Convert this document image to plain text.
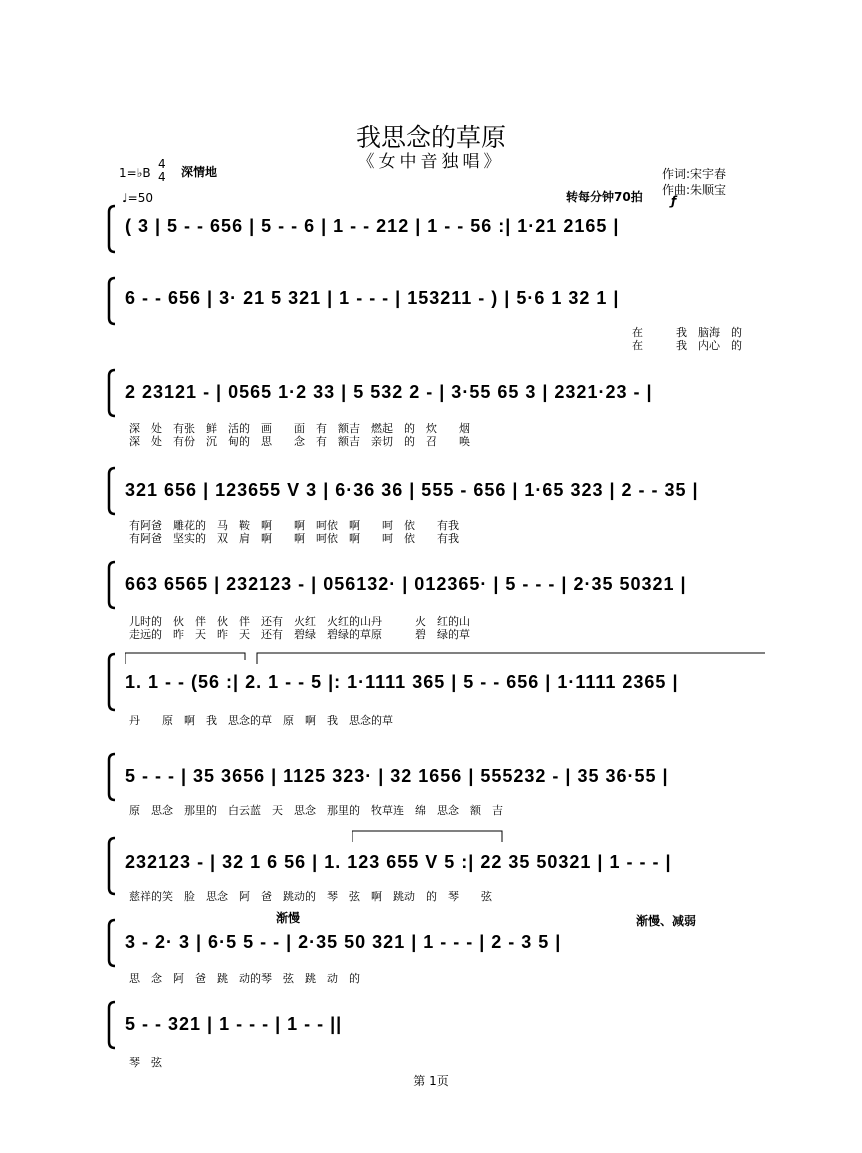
我思念的草原
《女中音独唱》
1=♭B
4
4 深情地
♩=50
作词:宋宇春
作曲:朱顺宝
转每分钟70拍 ƒ
( 3 | 5 - - 656 | 5 - - 6 | 1 - - 212 | 1 - - 56 :| 1·21 2165 |
6 - - 656 | 3· 21 5 321 | 1 - - - | 153211 - ) | 5·6 1 32 1 |
在　　　我　脑海　的
在　　　我　内心　的
2 23121 - | 0565 1·2 33 | 5 532 2 - | 3·55 65 3 | 2321·23 - |
深　处　有张　鲜　活的　画　　面　有　额吉　燃起　的　炊　　烟
深　处　有份　沉　甸的　思　　念　有　额吉　亲切　的　召　　唤
321 656 | 123655 V 3 | 6·36 36 | 555 - 656 | 1·65 323 | 2 - - 35 |
有阿爸　雕花的　马　鞍　啊　　啊　呵依　啊　　呵　依　　有我
有阿爸　坚实的　双　肩　啊　　啊　呵依　啊　　呵　依　　有我
663 6565 | 232123 - | 056132· | 012365· | 5 - - - | 2·35 50321 |
儿时的　伙　伴　伙　伴　还有　火红　火红的山丹　　　火　红的山
走远的　昨　天　昨　天　还有　碧绿　碧绿的草原　　　碧　绿的草
1. 1 - - (56 :| 2. 1 - - 5 |: 1·1111 365 | 5 - - 656 | 1·1111 2365 |
丹　　原　啊　我　思念的草　原　啊　我　思念的草
5 - - - | 35 3656 | 1125 323· | 32 1656 | 555232 - | 35 36·55 |
原　思念　那里的　白云蓝　天　思念　那里的　牧草连　绵　思念　额　吉
232123 - | 32 1 6 56 | 1. 123 655 V 5 :| 22 35 50321 | 1 - - - |
慈祥的笑　脸　思念　阿　爸　跳动的　琴　弦　啊　跳动　的　琴　　弦
渐慢	渐慢、减弱
3 - 2· 3 | 6·5 5 - - | 2·35 50 321 | 1 - - - | 2 - 3 5 |
思　念　阿　爸　跳　动的琴　弦　跳　动　的
5 - - 321 | 1 - - - | 1 - - ||
琴　弦
第 1页
